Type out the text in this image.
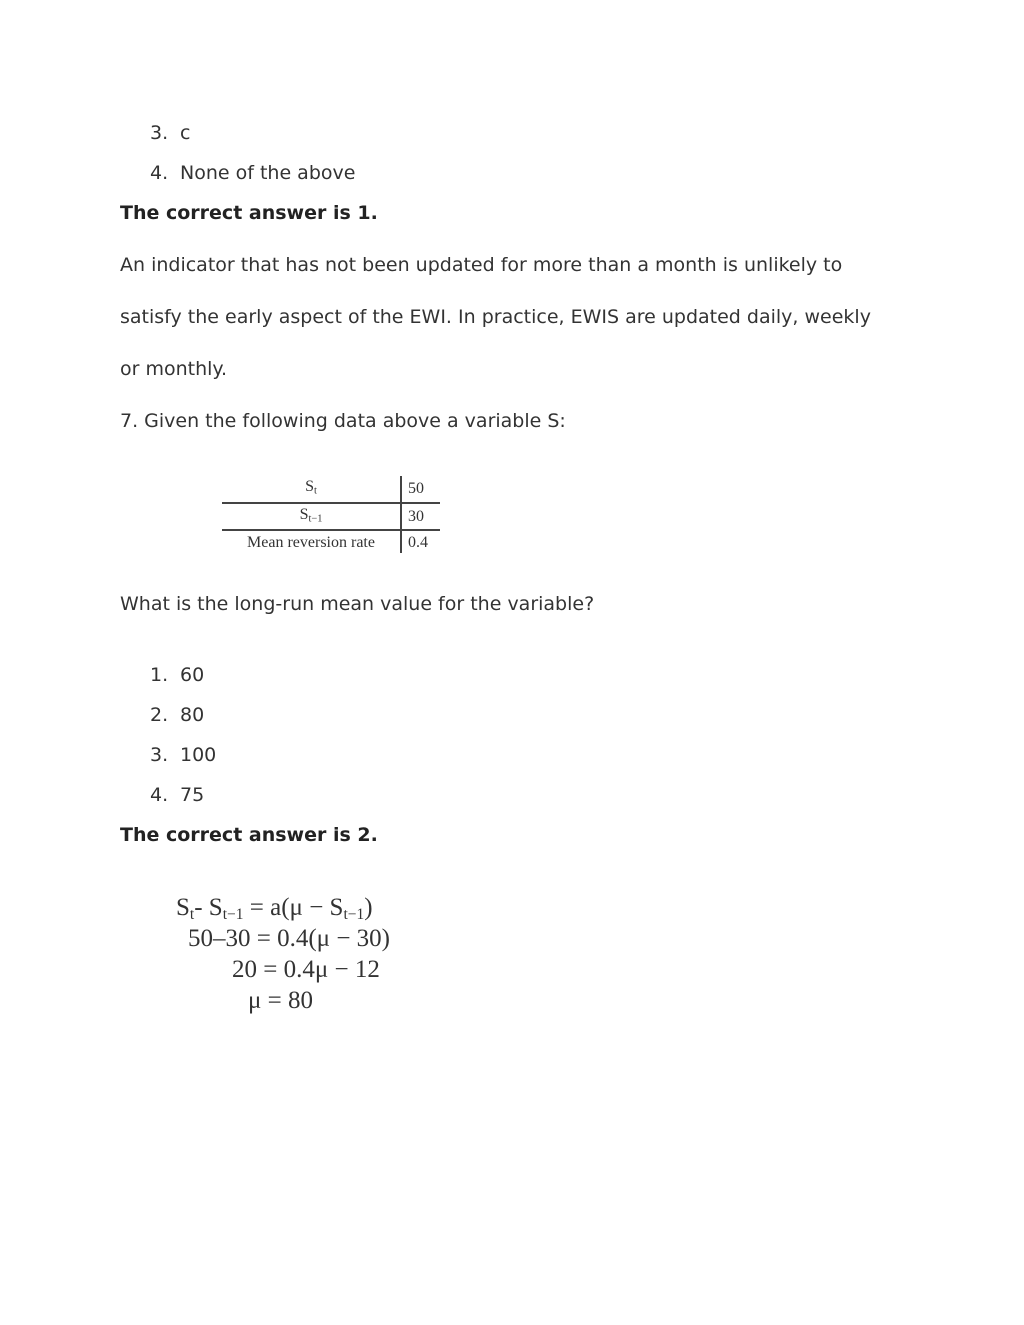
3. c
4. None of the above
The correct answer is 1.
An indicator that has not been updated for more than a month is unlikely to
satisfy the early aspect of the EWI. In practice, EWIS are updated daily, weekly
or monthly.
7. Given the following data above a variable S:
$S_t$	50
$S_{t-1}$	30
Mean reversion rate	0.4
What is the long-run mean value for the variable?
1. 60
2. 80
3. 100
4. 75
The correct answer is 2.
$S_t-$ $S_{t-1} = a(\mu - S_{t-1})$
50–30 = 0.4(μ − 30)
20 = 0.4μ − 12
μ = 80
